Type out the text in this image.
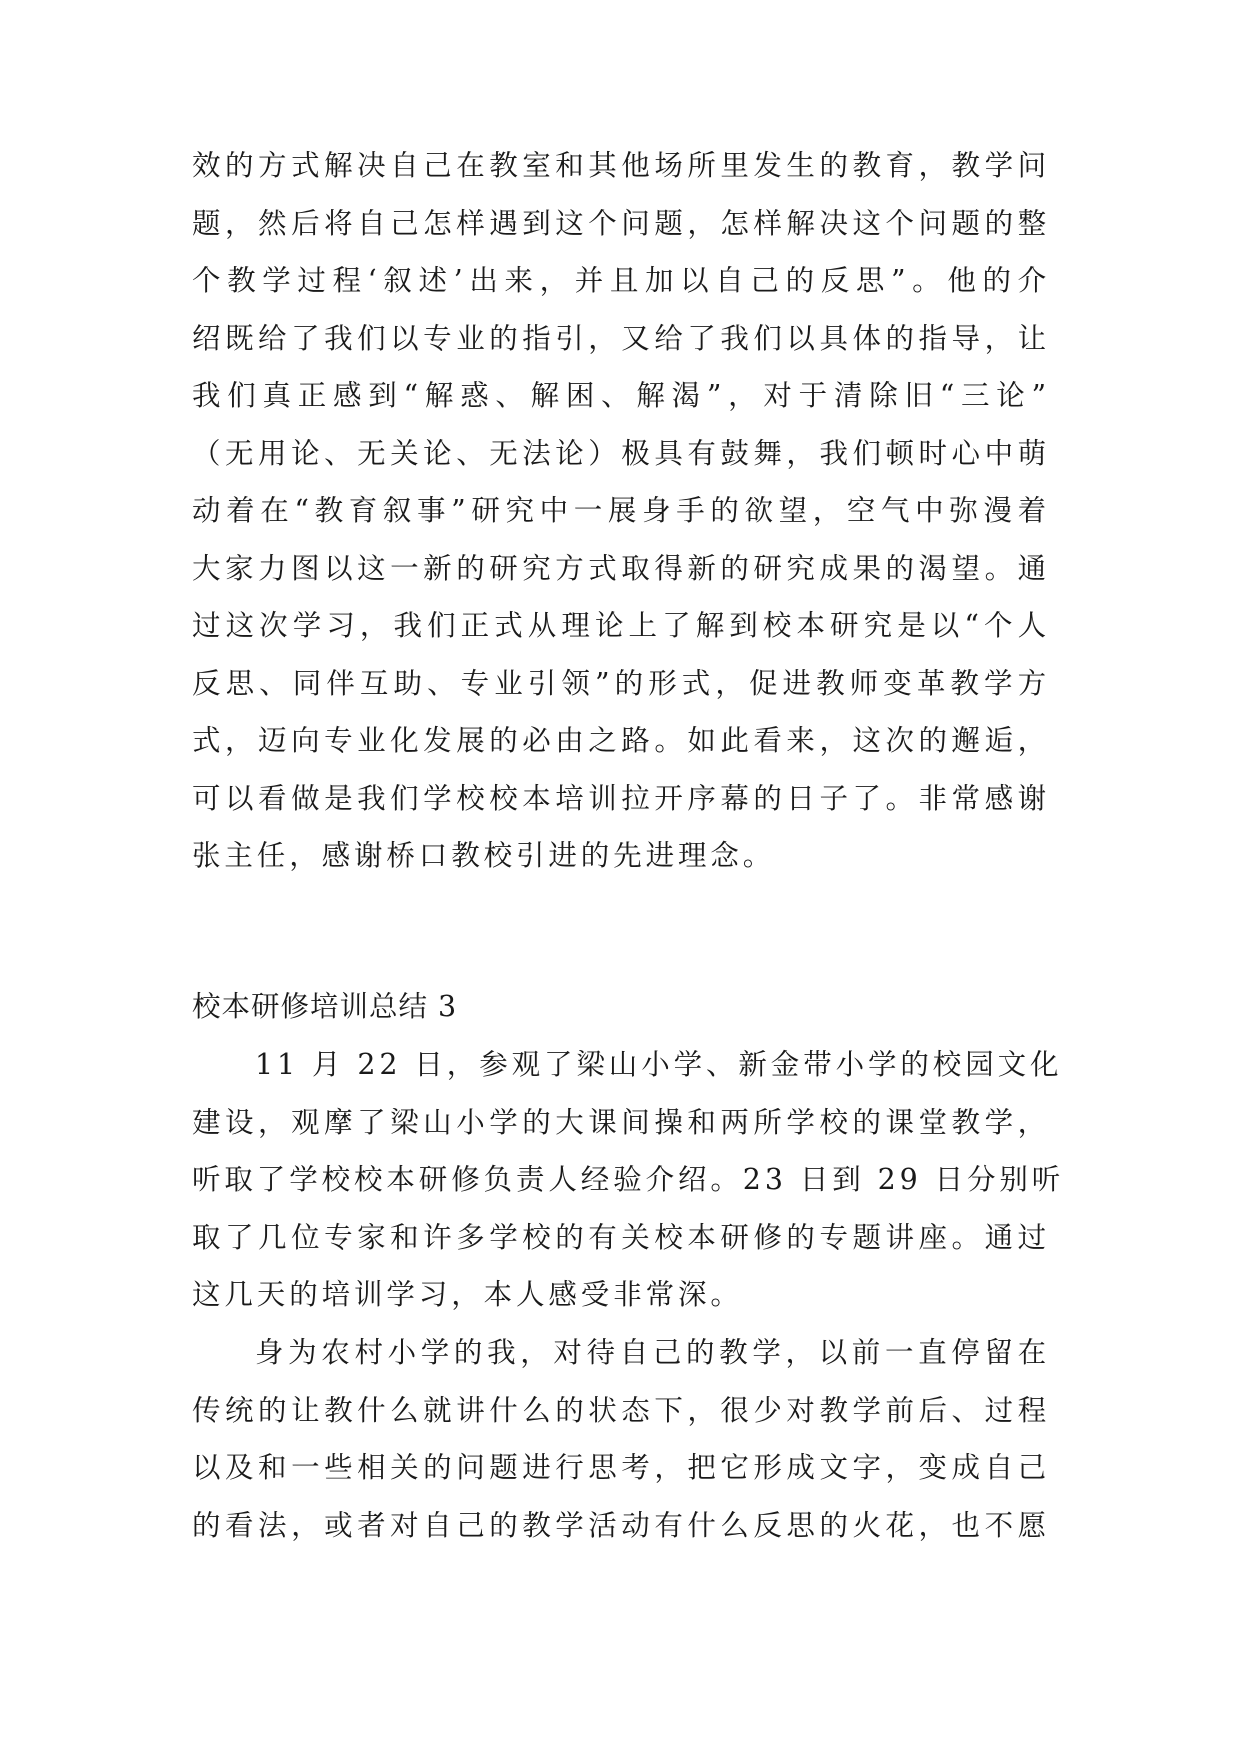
效的方式解决自己在教室和其他场所里发生的教育，教学问
题，然后将自己怎样遇到这个问题，怎样解决这个问题的整
个教学过程‘叙述’出来，并且加以自己的反思”。他的介
绍既给了我们以专业的指引，又给了我们以具体的指导，让
我们真正感到“解惑、解困、解渴”，对于清除旧“三论”
（无用论、无关论、无法论）极具有鼓舞，我们顿时心中萌
动着在“教育叙事”研究中一展身手的欲望，空气中弥漫着
大家力图以这一新的研究方式取得新的研究成果的渴望。通
过这次学习，我们正式从理论上了解到校本研究是以“个人
反思、同伴互助、专业引领”的形式，促进教师变革教学方
式，迈向专业化发展的必由之路。如此看来，这次的邂逅，
可以看做是我们学校校本培训拉开序幕的日子了。非常感谢
张主任，感谢桥口教校引进的先进理念。
校本研修培训总结 3
11 月 22 日，参观了梁山小学、新金带小学的校园文化
建设，观摩了梁山小学的大课间操和两所学校的课堂教学，
听取了学校校本研修负责人经验介绍。23 日到 29 日分别听
取了几位专家和许多学校的有关校本研修的专题讲座。通过
这几天的培训学习，本人感受非常深。
身为农村小学的我，对待自己的教学，以前一直停留在
传统的让教什么就讲什么的状态下，很少对教学前后、过程
以及和一些相关的问题进行思考，把它形成文字，变成自己
的看法，或者对自己的教学活动有什么反思的火花，也不愿
